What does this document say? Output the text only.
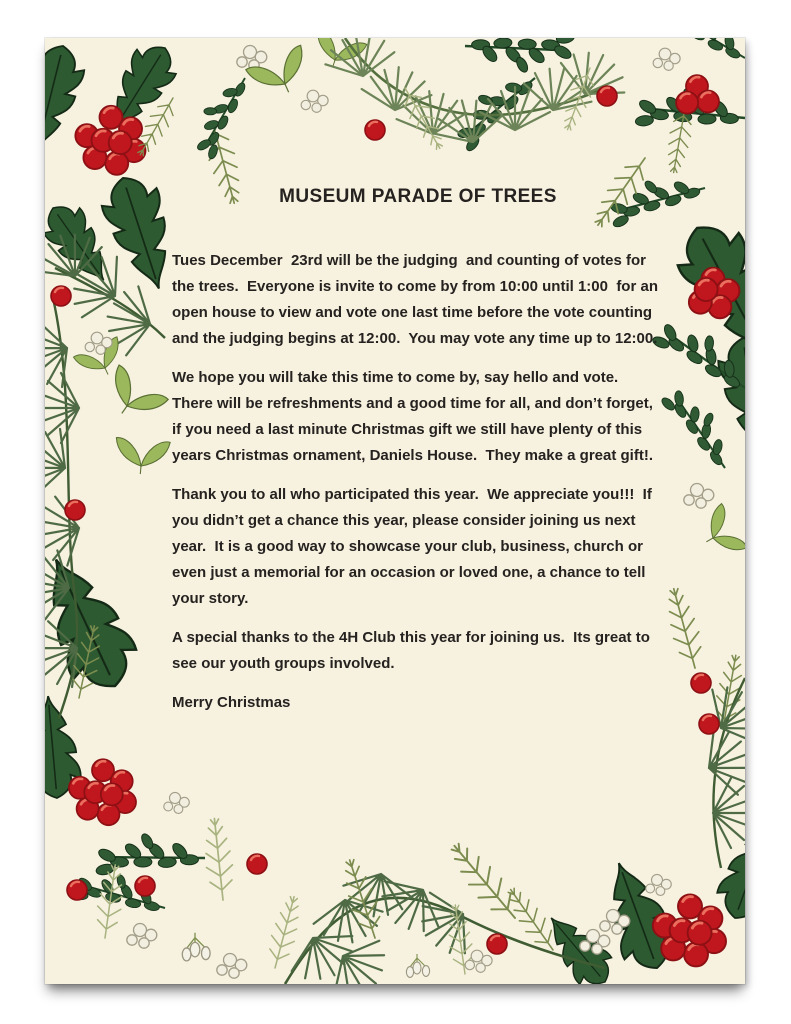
MUSEUM PARADE OF TREES

Tues December  23rd will be the judging  and counting of votes for the trees.  Everyone is invite to come by from 10:00 until 1:00  for an open house to view and vote one last time before the vote counting and the judging begins at 12:00.  You may vote any time up to 12:00.

We hope you will take this time to come by, say hello and vote.  There will be refreshments and a good time for all, and don’t forget, if you need a last minute Christmas gift we still have plenty of this years Christmas ornament, Daniels House.  They make a great gift!.

Thank you to all who participated this year.  We appreciate you!!!  If you didn’t get a chance this year, please consider joining us next year.  It is a good way to showcase your club, business, church or even just a memorial for an occasion or loved one, a chance to tell your story.

A special thanks to the 4H Club this year for joining us.  Its great to see our youth groups involved.

Merry Christmas
